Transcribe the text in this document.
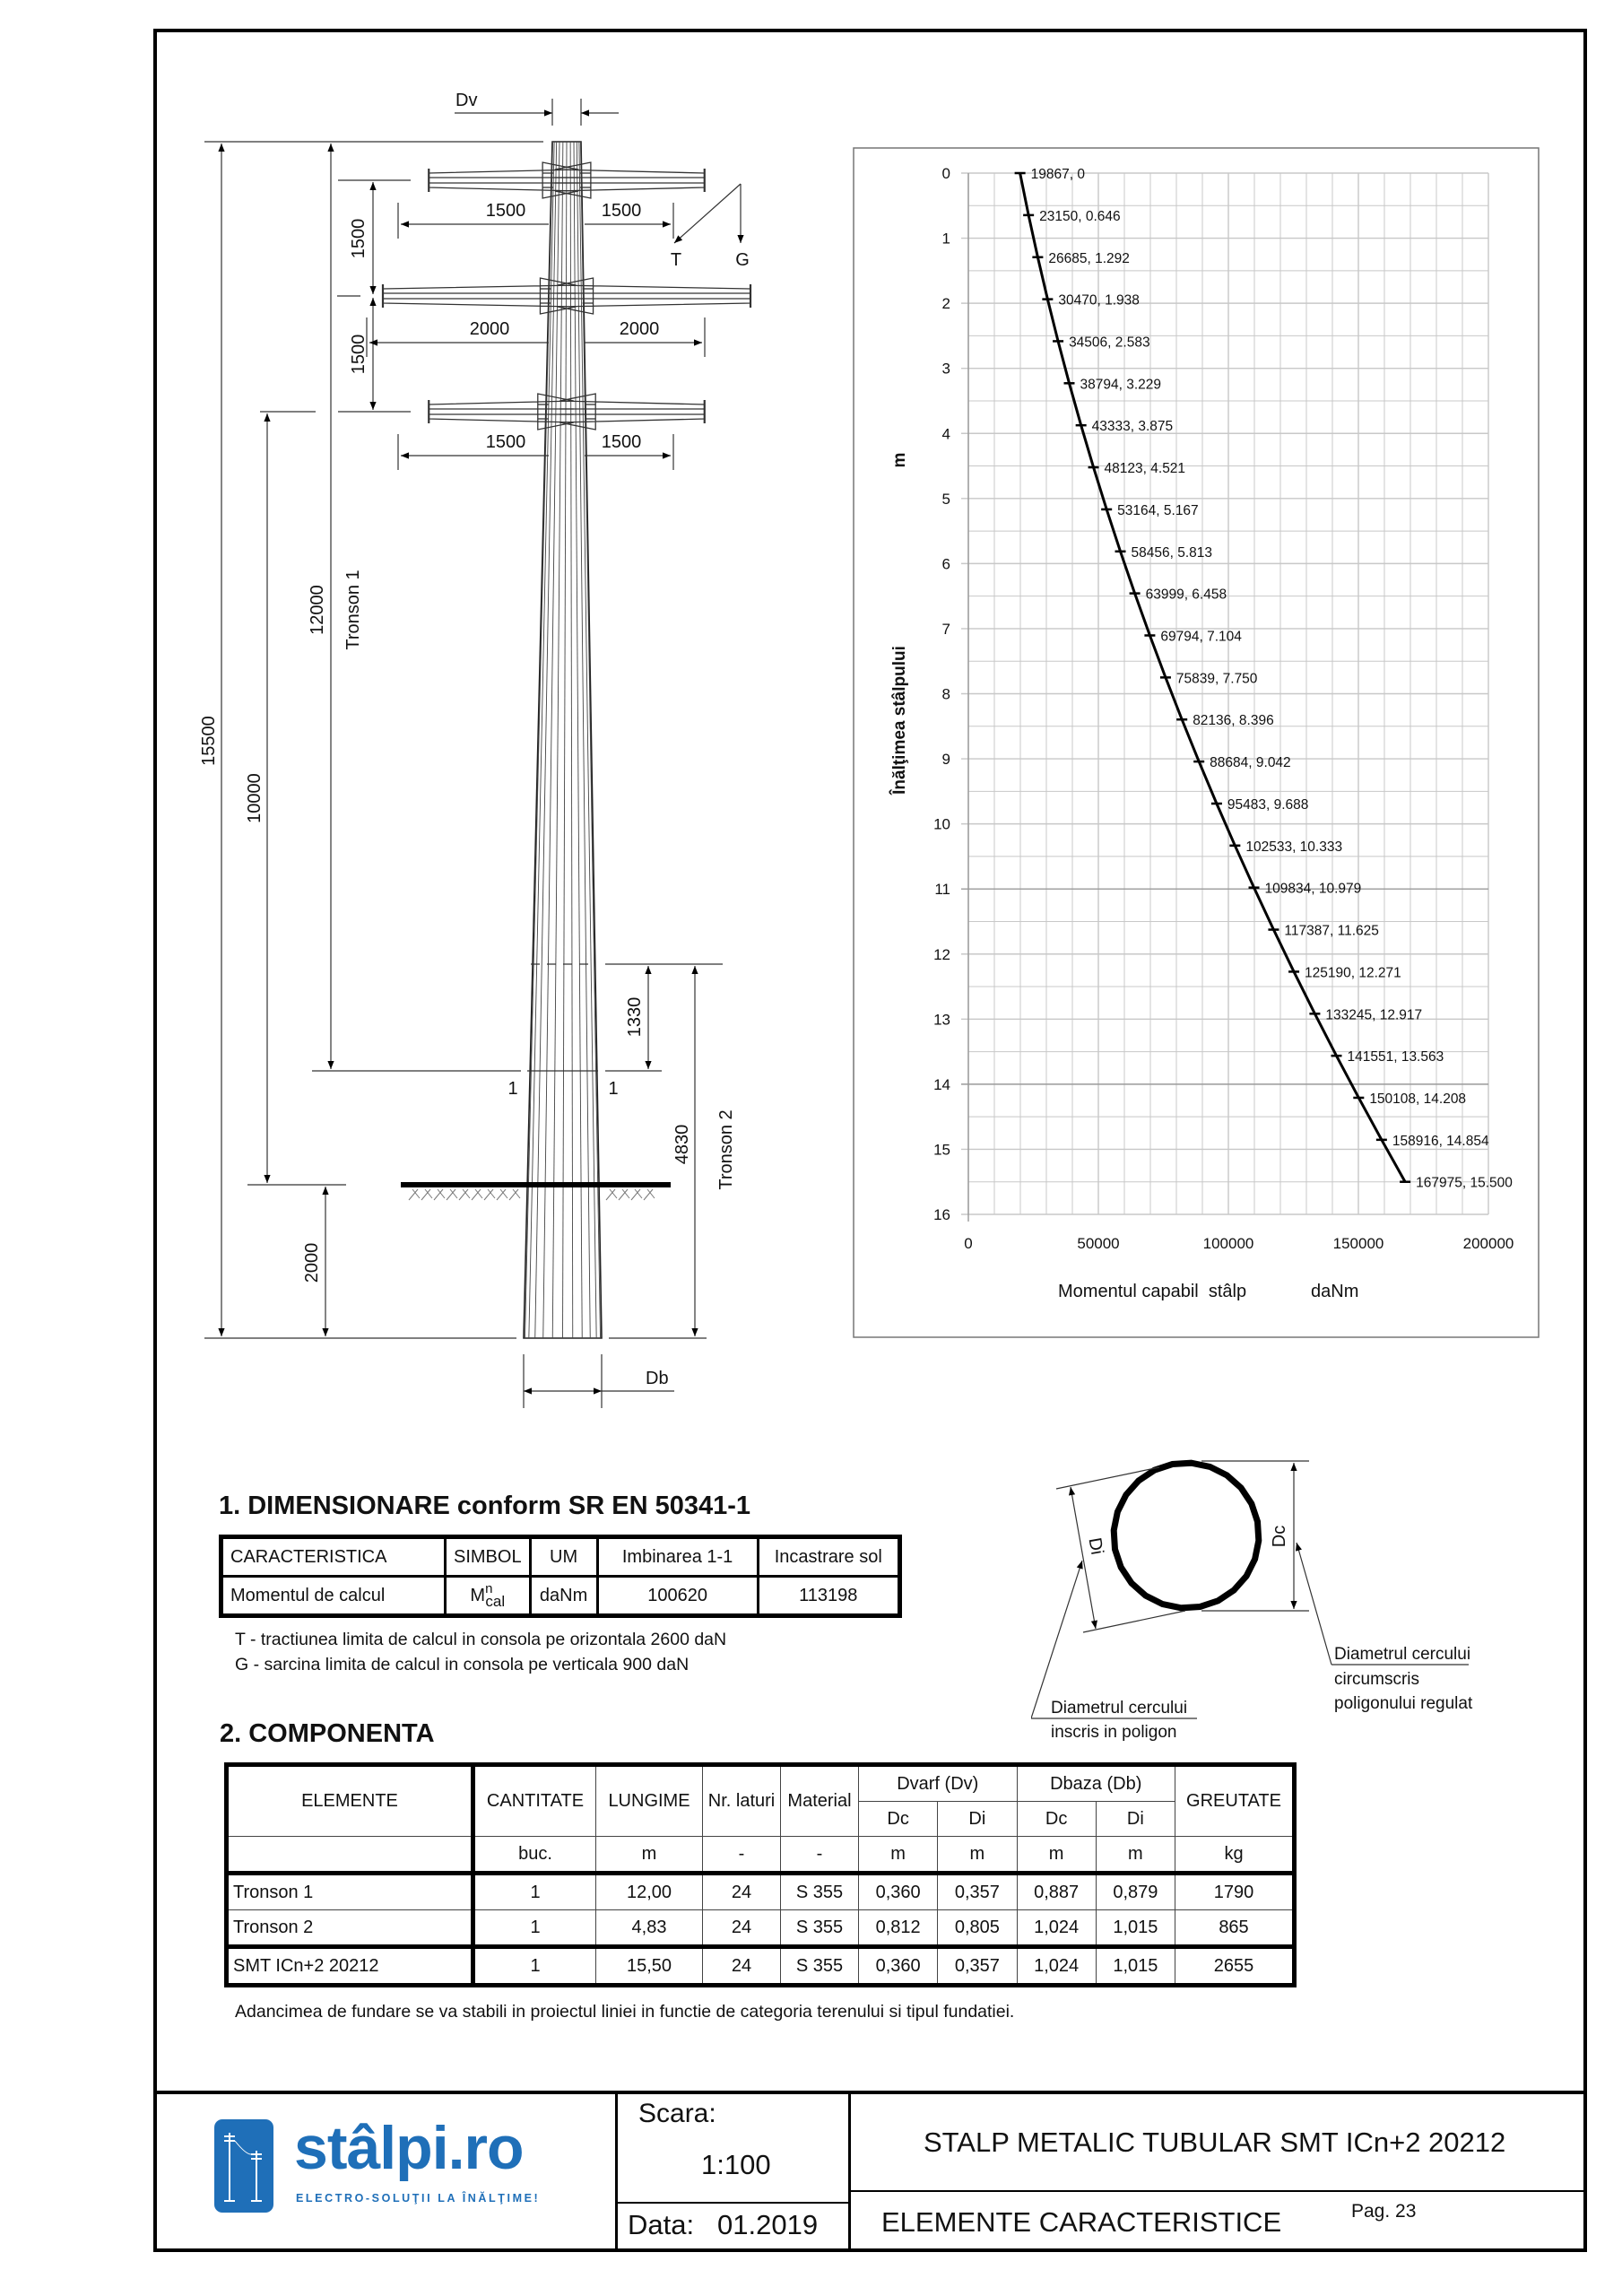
Dv
Db
15500
12000 Tronson 1
10000
2000
1500
1500
1500	1500
2000	2000
1500	1500
T	G
1330
4830 Tronson 2
1	1
0
1
2
3
4
5
6
7
8
9
10
11
12
13
14
15
16
0	50000	100000	150000	200000
19867, 0
23150, 0.646
26685, 1.292
30470, 1.938
34506, 2.583
38794, 3.229
43333, 3.875
48123, 4.521
53164, 5.167
58456, 5.813
63999, 6.458
69794, 7.104
75839, 7.750
82136, 8.396
88684, 9.042
95483, 9.688
102533, 10.333
109834, 10.979
117387, 11.625
125190, 12.271
133245, 12.917
141551, 13.563
150108, 14.208
158916, 14.854
167975, 15.500
Înălţimea stâlpului
m
Momentul capabil  stâlp	daNm
1. DIMENSIONARE conform SR EN 50341-1
CARACTERISTICA	SIMBOL	UM	Imbinarea 1-1	Incastrare sol
Momentul de calcul	$M^n_{cal}$	daNm	100620	113198
T - tractiunea limita de calcul in consola pe orizontala 2600 daN
G - sarcina limita de calcul in consola pe verticala 900 daN
Di	Dc
Diametrul cercului
inscris in poligon
Diametrul cercului
circumscris
poligonului regulat
2. COMPONENTA
ELEMENTE	CANTITATE	LUNGIME	Nr. laturi	Material	Dvarf (Dv)		Dbaza (Db)		GREUTATE
					Dc	Di	Dc	Di	
	buc.	m	-	-	m	m	m	m	kg
Tronson 1	1	12,00	24	S 355	0,360	0,357	0,887	0,879	1790
Tronson 2	1	4,83	24	S 355	0,812	0,805	1,024	1,015	865
SMT ICn+2 20212	1	15,50	24	S 355	0,360	0,357	1,024	1,015	2655
Adancimea de fundare se va stabili in proiectul liniei in functie de categoria terenului si tipul fundatiei.
stâlpi.ro
ELECTRO-SOLUŢII LA ÎNĂLŢIME!
Scara:
1:100
Data: 01.2019
STALP METALIC TUBULAR SMT ICn+2 20212
ELEMENTE CARACTERISTICE	Pag. 23
